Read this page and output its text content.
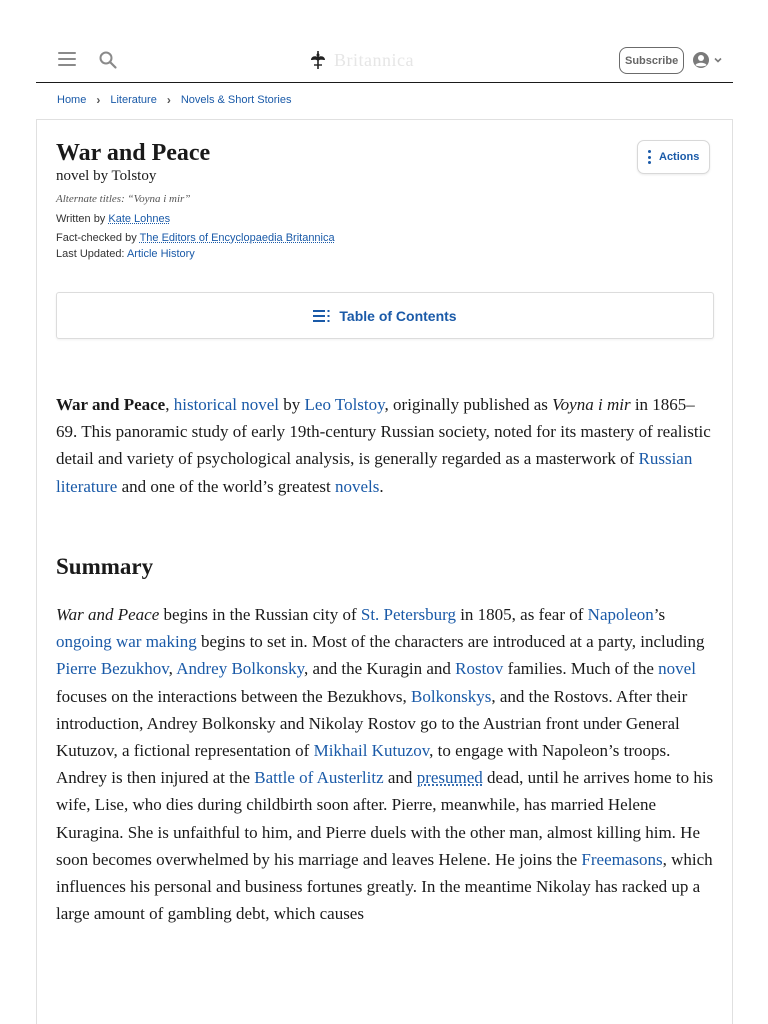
Britannica	Subscribe
Home › Literature › Novels & Short Stories
War and Peace
novel by Tolstoy
Alternate titles: “Voyna i mir”
Written by Kate Lohnes
Fact-checked by The Editors of Encyclopaedia Britannica
Last Updated: Article History
Actions
Table of Contents

War and Peace, historical novel by Leo Tolstoy, originally published as Voyna i mir in 1865–69. This panoramic study of early 19th-century Russian society, noted for its mastery of realistic detail and variety of psychological analysis, is generally regarded as a masterwork of Russian literature and one of the world’s greatest novels.

Summary

War and Peace begins in the Russian city of St. Petersburg in 1805, as fear of Napoleon’s ongoing war making begins to set in. Most of the characters are introduced at a party, including Pierre Bezukhov, Andrey Bolkonsky, and the Kuragin and Rostov families. Much of the novel focuses on the interactions between the Bezukhovs, Bolkonskys, and the Rostovs. After their introduction, Andrey Bolkonsky and Nikolay Rostov go to the Austrian front under General Kutuzov, a fictional representation of Mikhail Kutuzov, to engage with Napoleon’s troops. Andrey is then injured at the Battle of Austerlitz and presumed dead, until he arrives home to his wife, Lise, who dies during childbirth soon after. Pierre, meanwhile, has married Helene Kuragina. She is unfaithful to him, and Pierre duels with the other man, almost killing him. He soon becomes overwhelmed by his marriage and leaves Helene. He joins the Freemasons, which influences his personal and business fortunes greatly. In the meantime Nikolay has racked up a large amount of gambling debt, which causes
